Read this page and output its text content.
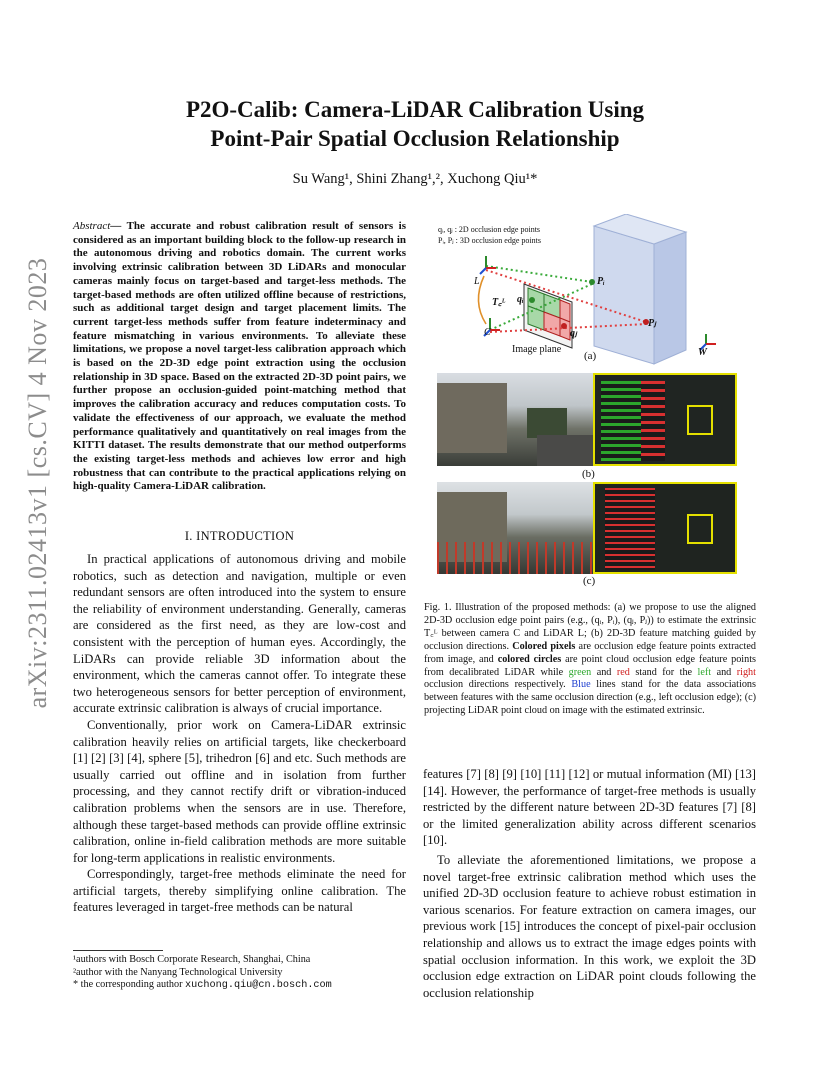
arXiv:2311.02413v1 [cs.CV] 4 Nov 2023
P2O-Calib: Camera-LiDAR Calibration Using
Point-Pair Spatial Occlusion Relationship
Su Wang¹, Shini Zhang¹,², Xuchong Qiu¹*
Abstract— The accurate and robust calibration result of sensors is considered as an important building block to the follow-up research in the autonomous driving and robotics domain. The current works involving extrinsic calibration between 3D LiDARs and monocular cameras mainly focus on target-based and target-less methods. The target-based methods are often utilized offline because of restrictions, such as additional target design and target placement limits. The current target-less methods suffer from feature indeterminacy and feature mismatching in various environments. To alleviate these limitations, we propose a novel target-less calibration approach which is based on the 2D-3D edge point extraction using the occlusion relationship in 3D space. Based on the extracted 2D-3D point pairs, we further propose an occlusion-guided point-matching method that improves the calibration accuracy and reduces computation costs. To validate the effectiveness of our approach, we evaluate the method performance qualitatively and quantitatively on real images from the KITTI dataset. The results demonstrate that our method outperforms the existing target-less methods and achieves low error and high robustness that can contribute to the practical applications relying on high-quality Camera-LiDAR calibration.
I. INTRODUCTION

In practical applications of autonomous driving and mobile robotics, such as detection and navigation, multiple or even redundant sensors are often introduced into the system to ensure the reliability of environment understanding. Generally, cameras are considered as the first need, as they are low-cost and consistent with the perception of human eyes. Accordingly, the LiDARs can provide reliable 3D information about the environment, which the cameras cannot offer. To integrate these two heterogeneous sensors for better perception of environment, accurate extrinsic calibration is always of crucial importance.

Conventionally, prior work on Camera-LiDAR extrinsic calibration heavily relies on artificial targets, like checkerboard [1] [2] [3] [4], sphere [5], trihedron [6] and etc. Such methods are usually carried out offline and in isolation from further processing, and they cannot rectify drift or vibration-induced calibration problems when the sensors are in use. Therefore, although these target-based methods can provide offline extrinsic calibration, online in-field calibration methods are more suitable for long-term applications in realistic environments.

Correspondingly, target-free methods eliminate the need for artificial targets, thereby simplifying online calibration. The features leveraged in target-free methods can be natural

¹authors with Bosch Corporate Research, Shanghai, China
²author with the Nanyang Technological University
* the corresponding author xuchong.qiu@cn.bosch.com
qᵢ, qⱼ : 2D occlusion edge points
Pᵢ, Pⱼ : 3D occlusion edge points
L
C
T꜀ᴸ qᵢ
qⱼ
Pᵢ
Pⱼ
W
Image plane
(a)
(b)
(c)
Fig. 1. Illustration of the proposed methods: (a) we propose to use the aligned 2D-3D occlusion edge point pairs (e.g., (qᵢ, Pᵢ), (qⱼ, Pⱼ)) to estimate the extrinsic T꜀ᴸ between camera C and LiDAR L; (b) 2D-3D feature matching guided by occlusion directions. Colored pixels are occlusion edge feature points extracted from image, and colored circles are point cloud occlusion edge feature points from decalibrated LiDAR while green and red stand for the left and right occlusion directions respectively. Blue lines stand for the data associations between features with the same occlusion direction (e.g., left occlusion edge); (c) projecting LiDAR point cloud on image with the estimated extrinsic.

features [7] [8] [9] [10] [11] [12] or mutual information (MI) [13] [14]. However, the performance of target-free methods is usually restricted by the different nature between 2D-3D features [7] [8] or the limited generalization ability across different scenarios [10].

To alleviate the aforementioned limitations, we propose a novel target-free extrinsic calibration method which uses the unified 2D-3D occlusion feature to achieve robust estimation in various scenarios. For feature extraction on camera images, our previous work [15] introduces the concept of pixel-pair occlusion relationship and allows us to extract the image edges points with spatial occlusion information. In this work, we exploit the 3D occlusion edge extraction on LiDAR point clouds following the occlusion relationship
